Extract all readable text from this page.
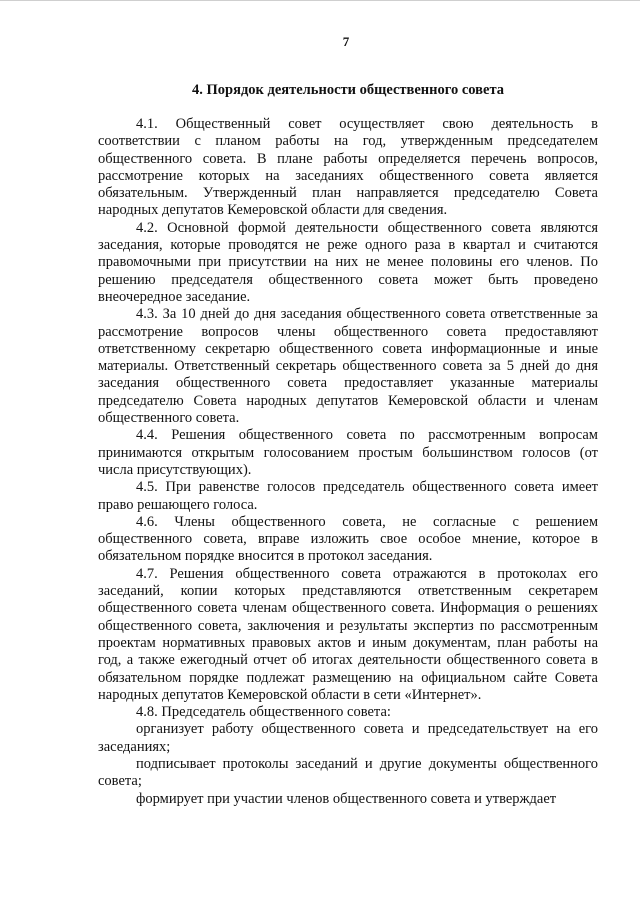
7
4. Порядок деятельности общественного совета

4.1. Общественный совет осуществляет свою деятельность в соответствии с планом работы на год, утвержденным председателем общественного совета. В плане работы определяется перечень вопросов, рассмотрение которых на заседаниях общественного совета является обязательным. Утвержденный план направляется председателю Совета народных депутатов Кемеровской области для сведения.

4.2. Основной формой деятельности общественного совета являются заседания, которые проводятся не реже одного раза в квартал и считаются правомочными при присутствии на них не менее половины его членов. По решению председателя общественного совета может быть проведено внеочередное заседание.

4.3. За 10 дней до дня заседания общественного совета ответственные за рассмотрение вопросов члены общественного совета предоставляют ответственному секретарю общественного совета информационные и иные материалы. Ответственный секретарь общественного совета за 5 дней до дня заседания общественного совета предоставляет указанные материалы председателю Совета народных депутатов Кемеровской области и членам общественного совета.

4.4. Решения общественного совета по рассмотренным вопросам принимаются открытым голосованием простым большинством голосов (от числа присутствующих).

4.5. При равенстве голосов председатель общественного совета имеет право решающего голоса.

4.6. Члены общественного совета, не согласные с решением общественного совета, вправе изложить свое особое мнение, которое в обязательном порядке вносится в протокол заседания.

4.7. Решения общественного совета отражаются в протоколах его заседаний, копии которых представляются ответственным секретарем общественного совета членам общественного совета. Информация о решениях общественного совета, заключения и результаты экспертиз по рассмотренным проектам нормативных правовых актов и иным документам, план работы на год, а также ежегодный отчет об итогах деятельности общественного совета в обязательном порядке подлежат размещению на официальном сайте Совета народных депутатов Кемеровской области в сети «Интернет».

4.8. Председатель общественного совета:

организует работу общественного совета и председательствует на его заседаниях;

подписывает протоколы заседаний и другие документы общественного совета;

формирует при участии членов общественного совета и утверждает
